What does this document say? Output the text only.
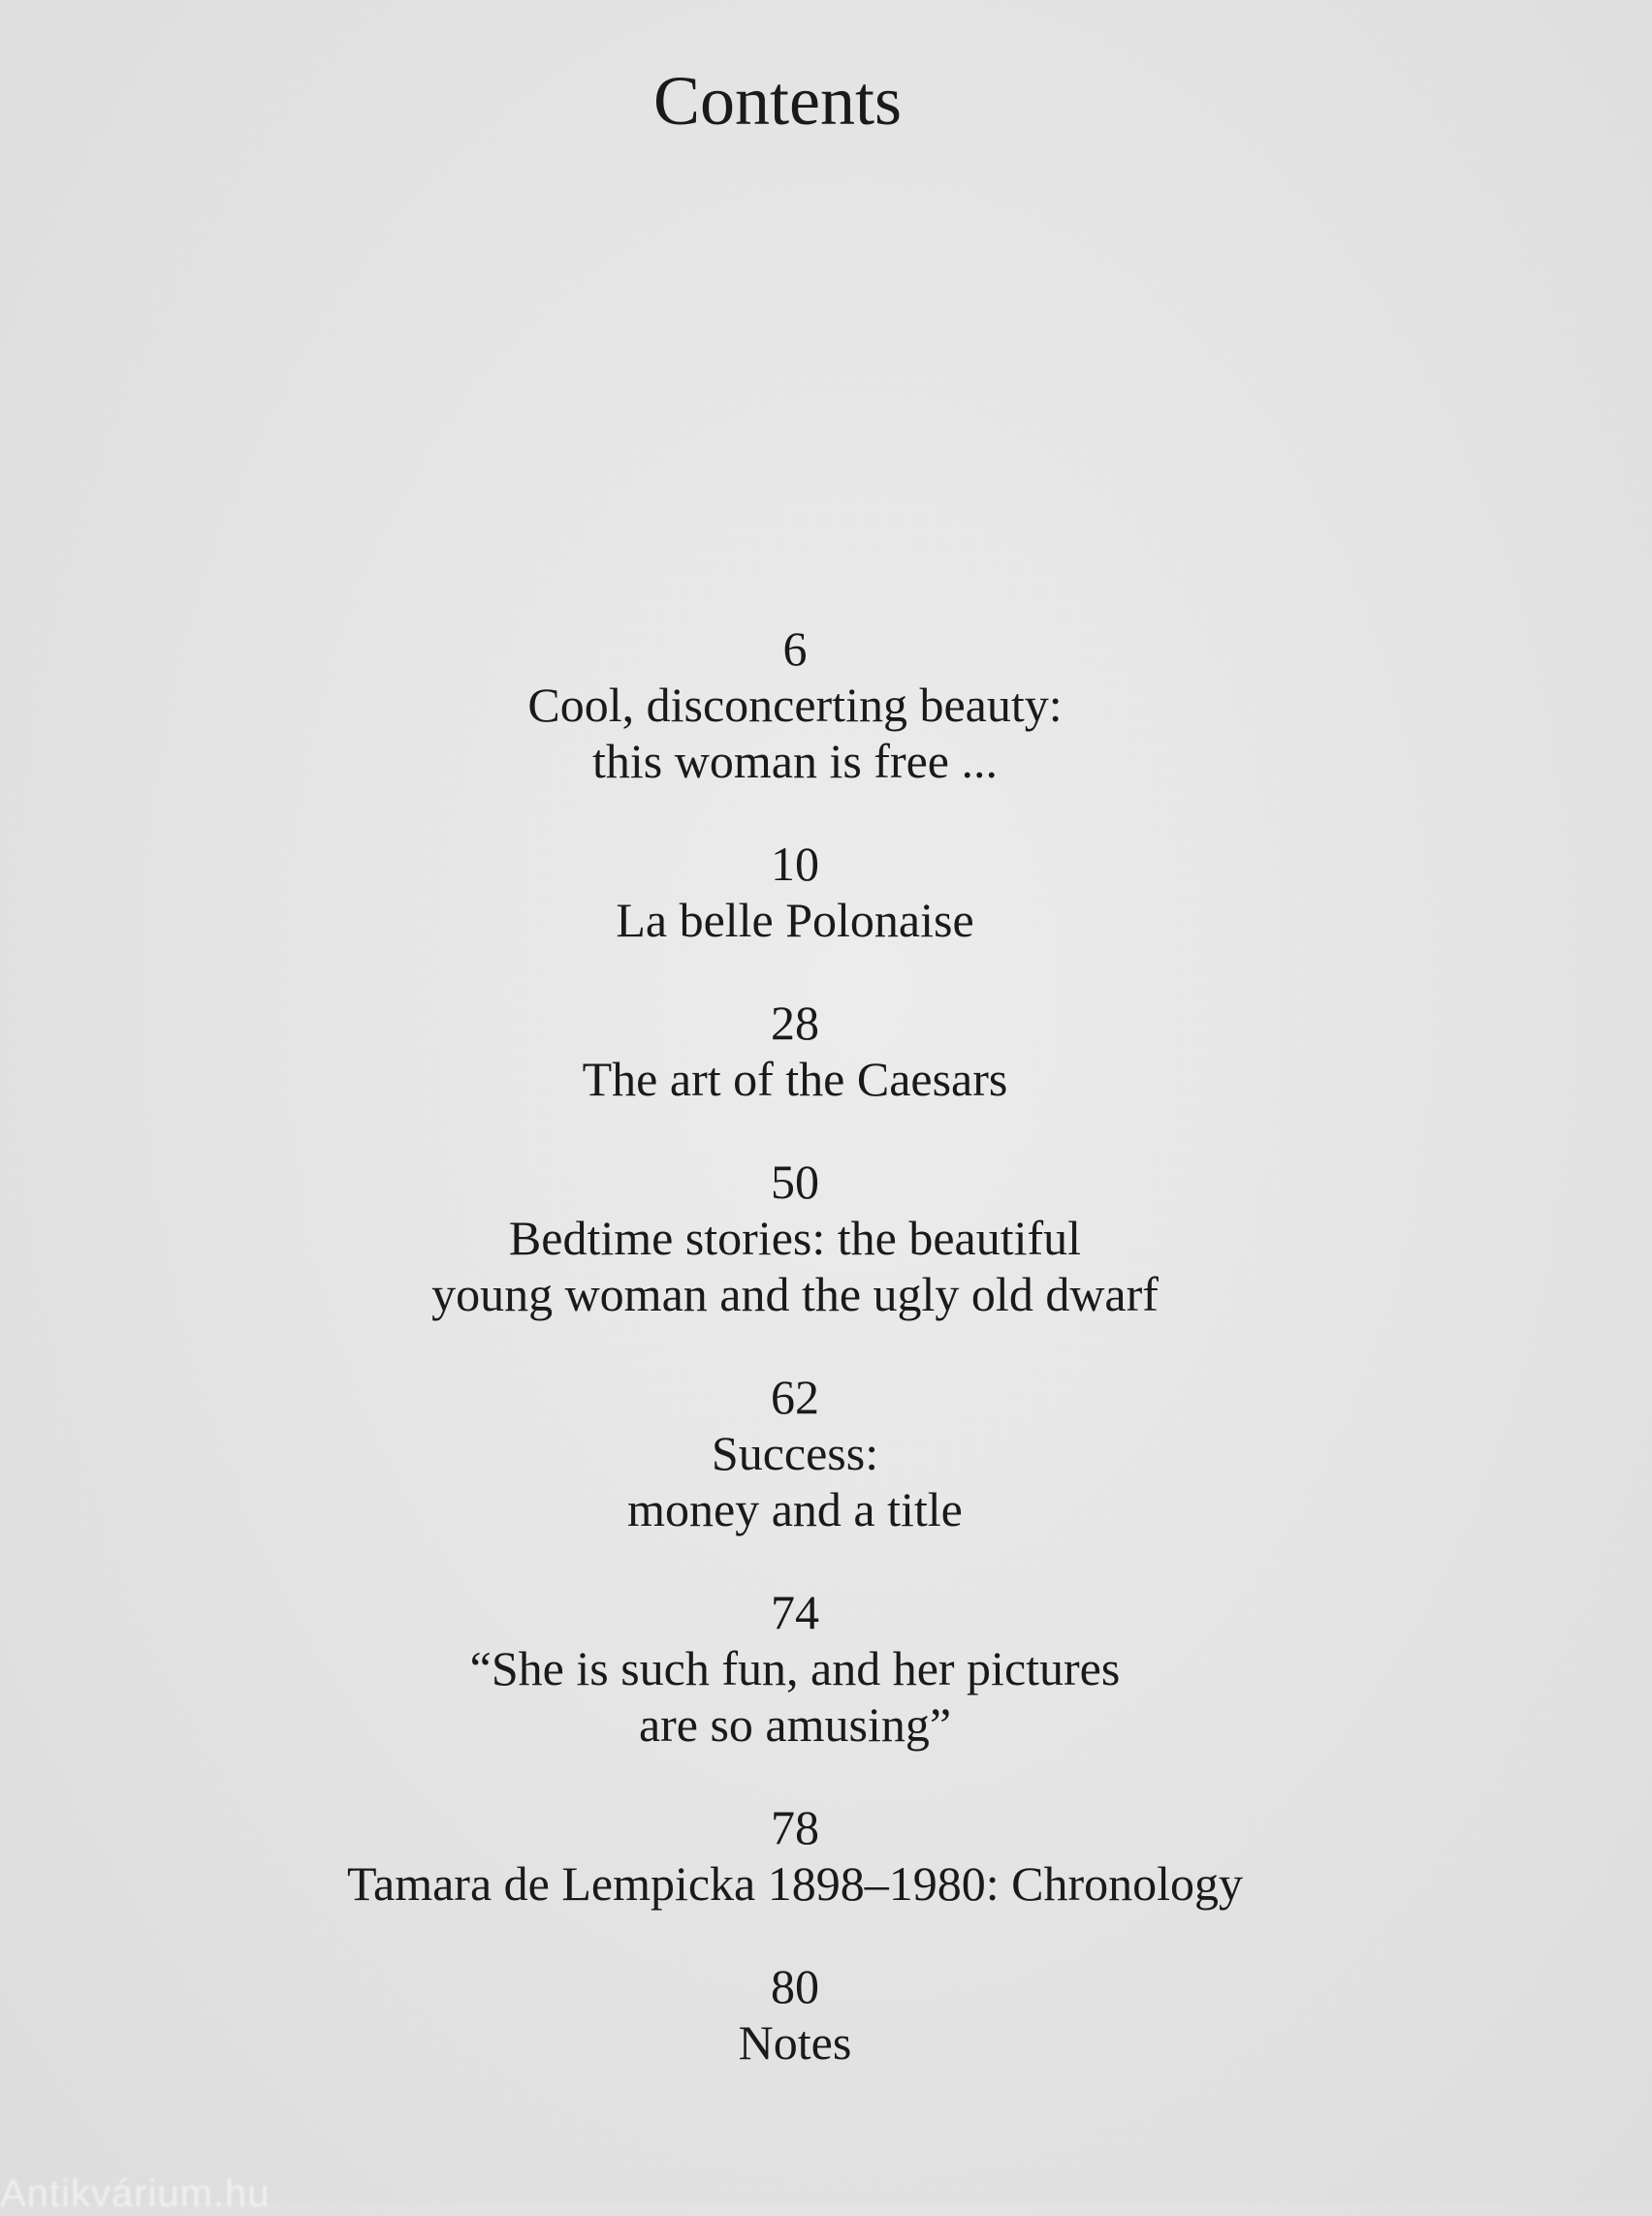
Contents
6
Cool, disconcerting beauty:
this woman is free ...
10
La belle Polonaise
28
The art of the Caesars
50
Bedtime stories: the beautiful
young woman and the ugly old dwarf
62
Success:
money and a title
74
“She is such fun, and her pictures
are so amusing”
78
Tamara de Lempicka 1898–1980: Chronology
80
Notes
Antikvárium.hu
